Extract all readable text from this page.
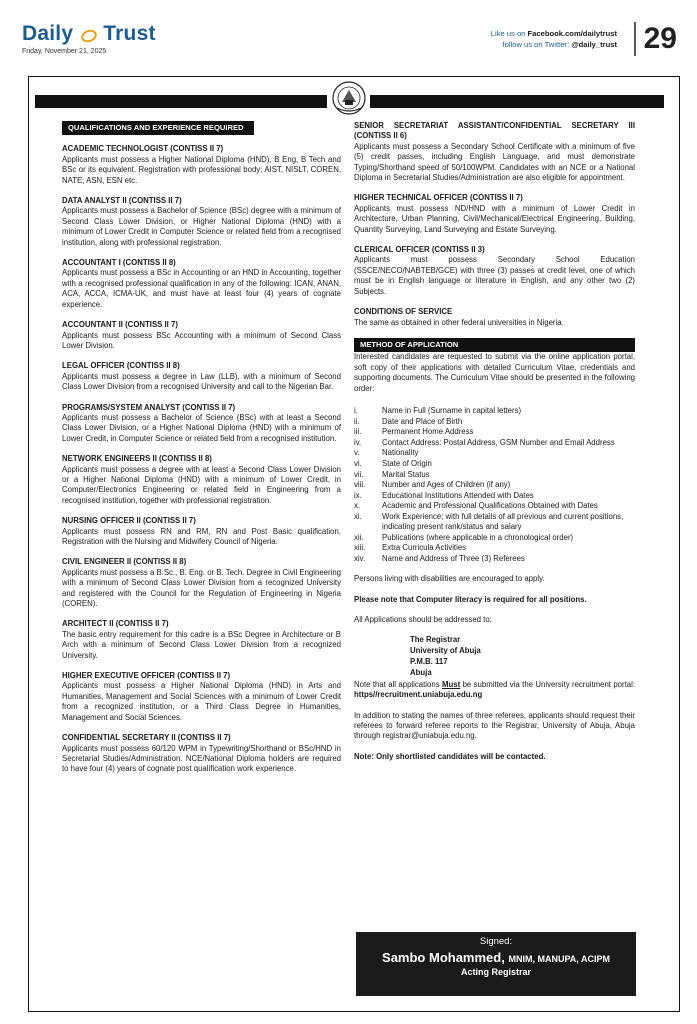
Daily Trust
Friday, November 21, 2025
Like us on Facebook.com/dailytrust
follow us on Twitter: @daily_trust 29
QUALIFICATIONS AND EXPERIENCE REQUIRED
ACADEMIC TECHNOLOGIST (CONTISS II 7)
Applicants must possess a Higher National Diploma (HND), B Eng, B Tech and BSc or its equivalent. Registration with professional body; AIST, NISLT, COREN, NATE, ASN, ESN etc.
DATA ANALYST II (CONTISS II 7)
Applicants must possess a Bachelor of Science (BSc) degree with a minimum of Second Class Lower Division, or Higher National Diploma (HND) with a minimum of Lower Credit in Computer Science or related field from a recognised institution, along with professional registration.
ACCOUNTANT I (CONTISS II 8)
Applicants must possess a BSc in Accounting or an HND in Accounting, together with a recognised professional qualification in any of the following: ICAN, ANAN, ACA, ACCA, ICMA-UK, and must have at least four (4) years of cognate experience.
ACCOUNTANT II (CONTISS II 7)
Applicants must possess BSc Accounting with a minimum of Second Class Lower Division.
LEGAL OFFICER (CONTISS II 8)
Applicants must possess a degree in Law (LLB), with a minimum of Second Class Lower Division from a recognised University and call to the Nigerian Bar.
PROGRAMS/SYSTEM ANALYST (CONTISS II 7)
Applicants must possess a Bachelor of Science (BSc) with at least a Second Class Lower Division, or a Higher National Diploma (HND) with a minimum of Lower Credit, in Computer Science or related field from a recognised institution.
NETWORK ENGINEERS II (CONTISS II 8)
Applicants must possess a degree with at least a Second Class Lower Division or a Higher National Diploma (HND) with a minimum of Lower Credit, in Computer/Electronics Engineering or related field in Engineering from a recognised institution, together with professional registration.
NURSING OFFICER II (CONTISS II 7)
Applicants must possess RN and RM, RN and Post Basic qualification. Registration with the Nursing and Midwifery Council of Nigeria.
CIVIL ENGINEER II (CONTISS II 8)
Applicants must possess a B.Sc., B. Eng. or B. Tech. Degree in Civil Engineering with a minimum of Second Class Lower Division from a recognized University and registered with the Council for the Regulation of Engineering in Nigeria (COREN).
ARCHITECT II (CONTISS II 7)
The basic entry requirement for this cadre is a BSc Degree in Architecture or B Arch with a minimum of Second Class Lower Division from a recognized University.
HIGHER EXECUTIVE OFFICER (CONTISS II 7)
Applicants must possess a Higher National Diploma (HND) in Arts and Humanities, Management and Social Sciences with a minimum of Lower Credit from a recognized institution, or a Third Class Degree in Humanities, Management and Social Sciences.
CONFIDENTIAL SECRETARY II (CONTISS II 7)
Applicants must possess 60/120 WPM in Typewriting/Shorthand or BSc/HND in Secretarial Studies/Administration. NCE/National Diploma holders are required to have four (4) years of cognate post qualification work experience.
SENIOR SECRETARIAT ASSISTANT/CONFIDENTIAL SECRETARY III (CONTISS II 6)
Applicants must possess a Secondary School Certificate with a minimum of five (5) credit passes, including English Language, and must demonstrate Typing/Shorthand speed of 50/100WPM. Candidates with an NCE or a National Diploma in Secretarial Studies/Administration are also eligible for appointment.
HIGHER TECHNICAL OFFICER (CONTISS II 7)
Applicants must possess ND/HND with a minimum of Lower Credit in Architecture, Urban Planning, Civil/Mechanical/Electrical Engineering, Building, Quantity Surveying, Land Surveying and Estate Surveying.
CLERICAL OFFICER (CONTISS II 3)
Applicants must possess Secondary School Education (SSCE/NECO/NABTEB/GCE) with three (3) passes at credit level, one of which must be in English language or literature in English, and any other two (2) Subjects.
CONDITIONS OF SERVICE
The same as obtained in other federal universities in Nigeria.
METHOD OF APPLICATION
Interested candidates are requested to submit via the online application portal, soft copy of their applications with detailed Curriculum Vitae, credentials and supporting documents. The Curriculum Vitae should be presented in the following order:
i.	Name in Full (Surname in capital letters)
ii.	Date and Place of Birth
iii.	Permanent Home Address
iv.	Contact Address: Postal Address, GSM Number and Email Address
v.	Nationality
vi.	State of Origin
vii.	Marital Status
viii.	Number and Ages of Children (if any)
ix.	Educational Institutions Attended with Dates
x.	Academic and Professional Qualifications Obtained with Dates
xi.	Work Experience; with full details of all previous and current positions, indicating present rank/status and salary
xii.	Publications (where applicable in a chronological order)
xiii.	Extra Curricula Activities
xiv.	Name and Address of Three (3) Referees
Persons living with disabilities are encouraged to apply.
Please note that Computer literacy is required for all positions.
All Applications should be addressed to:
The Registrar
University of Abuja
P.M.B. 117
Abuja
Note that all applications Must be submitted via the University recruitment portal: https//recruitment.uniabuja.edu.ng
In addition to stating the names of three referees, applicants should request their referees to forward referee reports to the Registrar, University of Abuja, Abuja through registrar@uniabuja.edu.ng.
Note: Only shortlisted candidates will be contacted.
Signed:
Sambo Mohammed, MNIM, MANUPA, ACIPM
Acting Registrar
